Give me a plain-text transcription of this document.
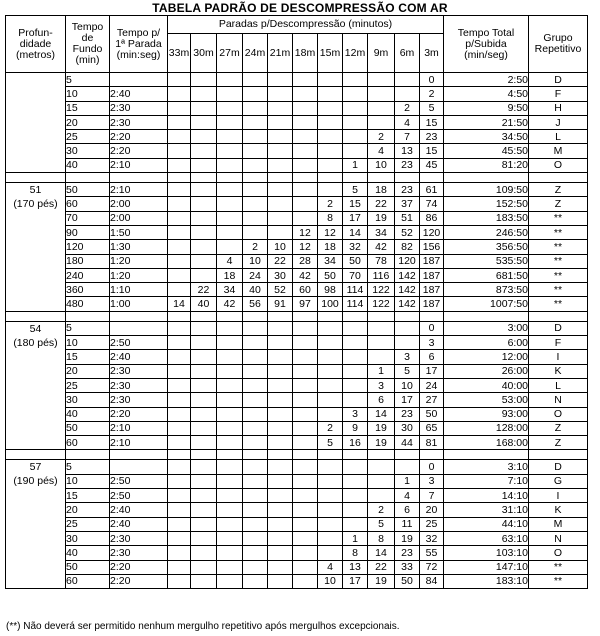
TABELA PADRÃO DE DESCOMPRESSÃO COM AR
Profun-
didade
(metros)	Tempo
de
Fundo
(min)	Tempo p/
1ª Parada
(min:seg)	Paradas p/Descompressão (minutos)											Tempo Total
p/Subida
(min/seg)	Grupo
Repetitivo
			33m	30m	27m	24m	21m	18m	15m	12m	9m	6m	3m		
	5												0	2:50	D
	10	2:40											2	4:50	F
	15	2:30										2	5	9:50	H
	20	2:30										4	15	21:50	J
	25	2:20									2	7	23	34:50	L
	30	2:20									4	13	15	45:50	M
	40	2:10								1	10	23	45	81:20	O

51
(170 pés)	50	2:10								5	18	23	61	109:50	Z
	60	2:00							2	15	22	37	74	152:50	Z
	70	2:00							8	17	19	51	86	183:50	**
	90	1:50						12	12	14	34	52	120	246:50	**
	120	1:30				2	10	12	18	32	42	82	156	356:50	**
	180	1:20			4	10	22	28	34	50	78	120	187	535:50	**
	240	1:20			18	24	30	42	50	70	116	142	187	681:50	**
	360	1:10		22	34	40	52	60	98	114	122	142	187	873:50	**
	480	1:00	14	40	42	56	91	97	100	114	122	142	187	1007:50	**

54
(180 pés)	5												0	3:00	D
	10	2:50											3	6:00	F
	15	2:40										3	6	12:00	I
	20	2:30									1	5	17	26:00	K
	25	2:30									3	10	24	40:00	L
	30	2:30									6	17	27	53:00	N
	40	2:20								3	14	23	50	93:00	O
	50	2:10							2	9	19	30	65	128:00	Z
	60	2:10							5	16	19	44	81	168:00	Z

57
(190 pés)	5												0	3:10	D
	10	2:50										1	3	7:10	G
	15	2:50										4	7	14:10	I
	20	2:40									2	6	20	31:10	K
	25	2:40									5	11	25	44:10	M
	30	2:30								1	8	19	32	63:10	N
	40	2:30								8	14	23	55	103:10	O
	50	2:20							4	13	22	33	72	147:10	**
	60	2:20							10	17	19	50	84	183:10	**
(**) Não deverá ser permitido nenhum mergulho repetitivo após mergulhos excepcionais.
